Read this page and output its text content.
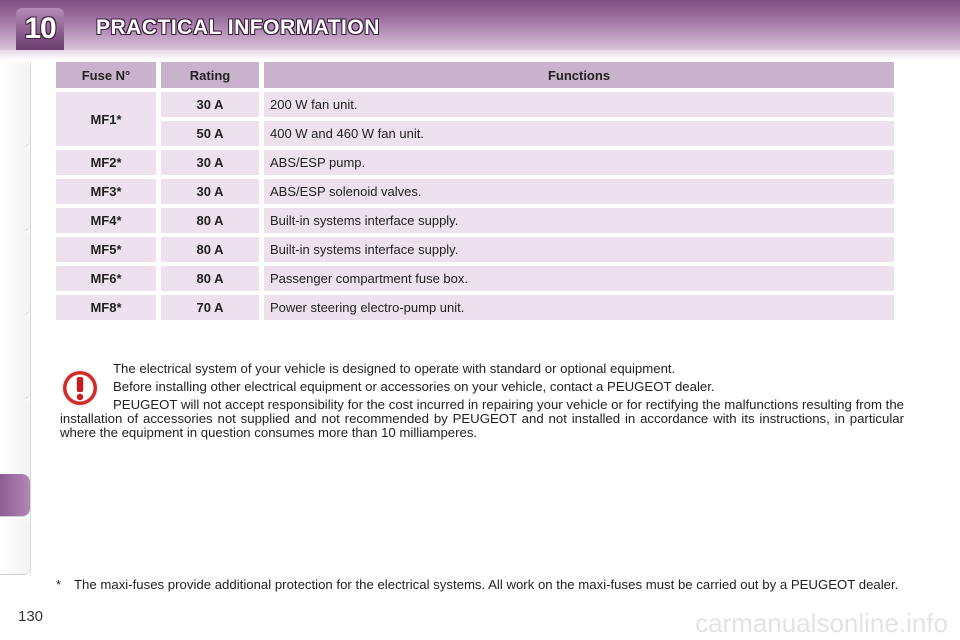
10	PRACTICAL INFORMATION
Fuse N°	Rating	Functions
MF1*	30 A	200 W fan unit.
	50 A	400 W and 460 W fan unit.
MF2*	30 A	ABS/ESP pump.
MF3*	30 A	ABS/ESP solenoid valves.
MF4*	80 A	Built-in systems interface supply.
MF5*	80 A	Built-in systems interface supply.
MF6*	80 A	Passenger compartment fuse box.
MF8*	70 A	Power steering electro-pump unit.

The electrical system of your vehicle is designed to operate with standard or optional equipment.

Before installing other electrical equipment or accessories on your vehicle, contact a PEUGEOT dealer.

PEUGEOT will not accept responsibility for the cost incurred in repairing your vehicle or for rectifying the malfunctions resulting from the installation of accessories not supplied and not recommended by PEUGEOT and not installed in accordance with its instructions, in particular where the equipment in question consumes more than 10 milliamperes.

* The maxi-fuses provide additional protection for the electrical systems. All work on the maxi-fuses must be carried out by a PEUGEOT dealer.
130	carmanualsonline.info
